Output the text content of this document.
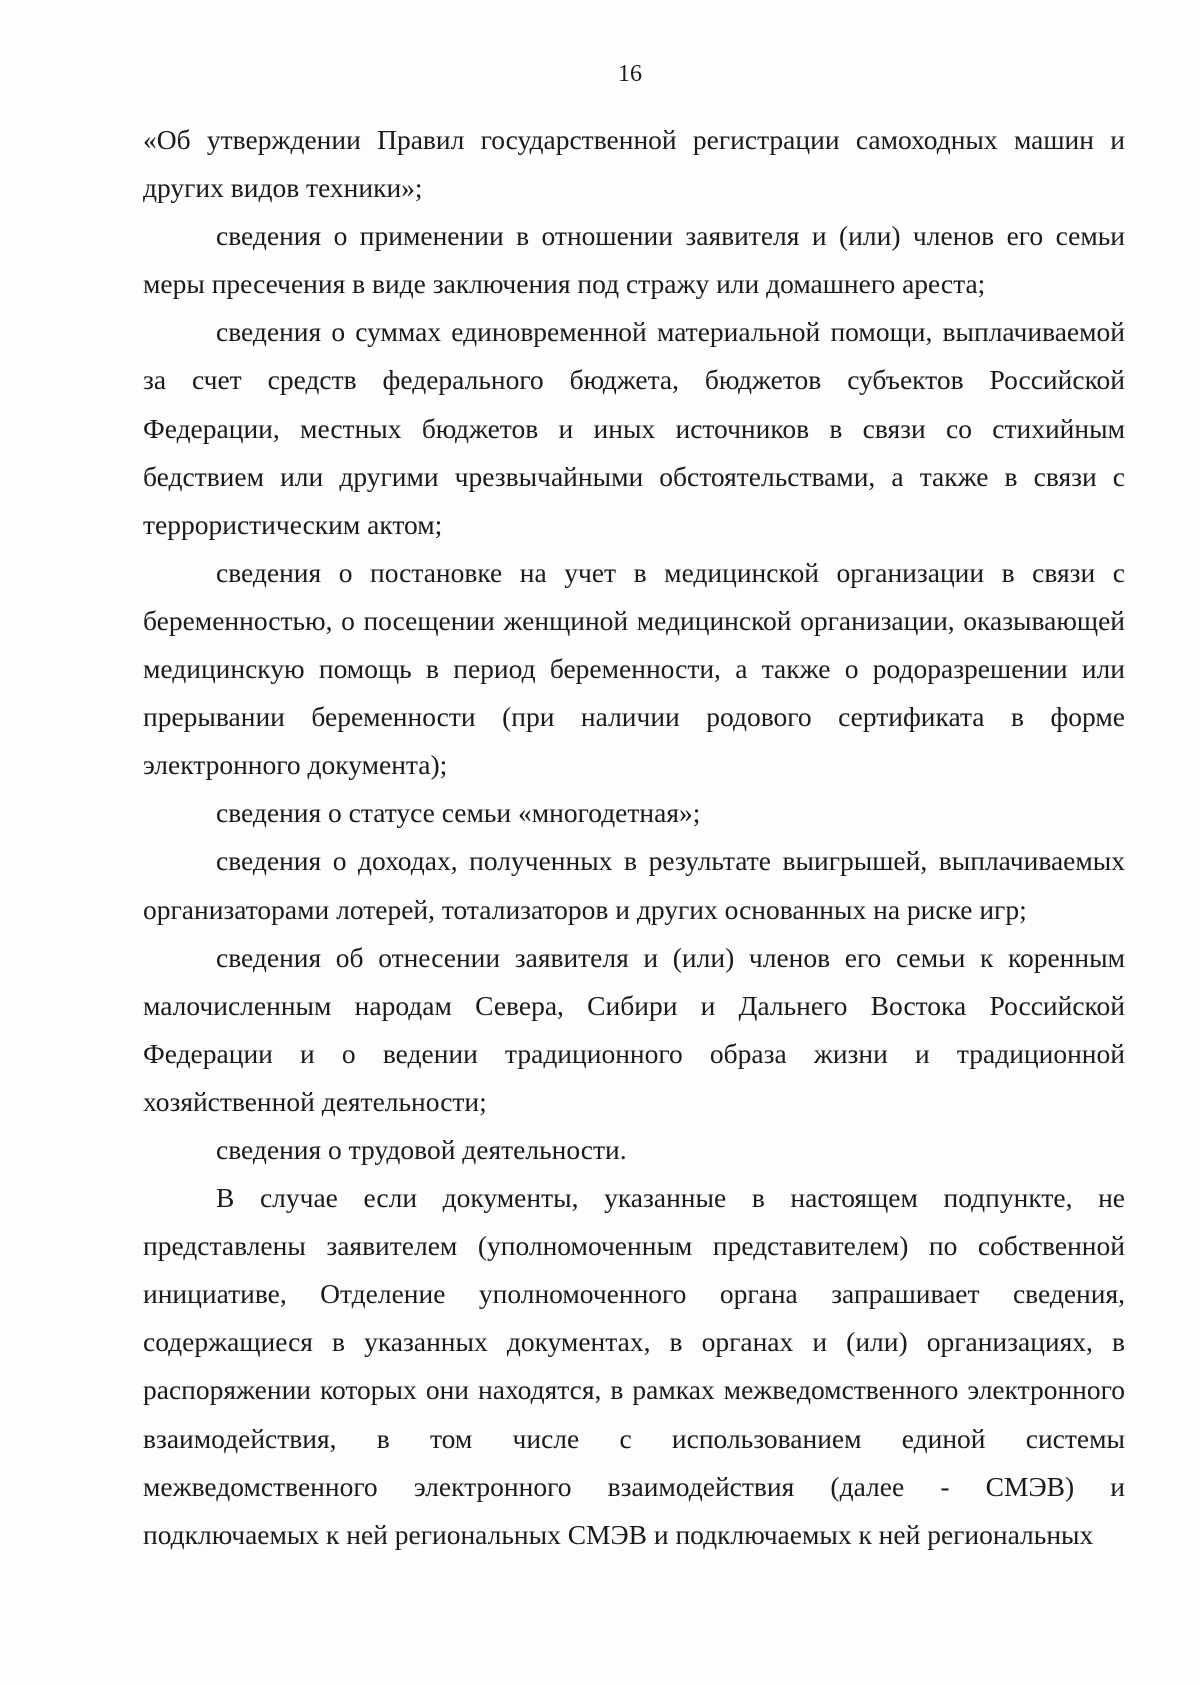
16

«Об утверждении Правил государственной регистрации самоходных машин и других видов техники»;

сведения о применении в отношении заявителя и (или) членов его семьи меры пресечения в виде заключения под стражу или домашнего ареста;

сведения о суммах единовременной материальной помощи, выплачиваемой за счет средств федерального бюджета, бюджетов субъектов Российской Федерации, местных бюджетов и иных источников в связи со стихийным бедствием или другими чрезвычайными обстоятельствами, а также в связи с террористическим актом;

сведения о постановке на учет в медицинской организации в связи с беременностью, о посещении женщиной медицинской организации, оказывающей медицинскую помощь в период беременности, а также о родоразрешении или прерывании беременности (при наличии родового сертификата в форме электронного документа);

сведения о статусе семьи «многодетная»;

сведения о доходах, полученных в результате выигрышей, выплачиваемых организаторами лотерей, тотализаторов и других основанных на риске игр;

сведения об отнесении заявителя и (или) членов его семьи к коренным малочисленным народам Севера, Сибири и Дальнего Востока Российской Федерации и о ведении традиционного образа жизни и традиционной хозяйственной деятельности;

сведения о трудовой деятельности.

В случае если документы, указанные в настоящем подпункте, не представлены заявителем (уполномоченным представителем) по собственной инициативе, Отделение уполномоченного органа запрашивает сведения, содержащиеся в указанных документах, в органах и (или) организациях, в распоряжении которых они находятся, в рамках межведомственного электронного взаимодействия, в том числе с использованием единой системы межведомственного электронного взаимодействия (далее - СМЭВ) и подключаемых к ней региональных СМЭВ и подключаемых к ней региональных
